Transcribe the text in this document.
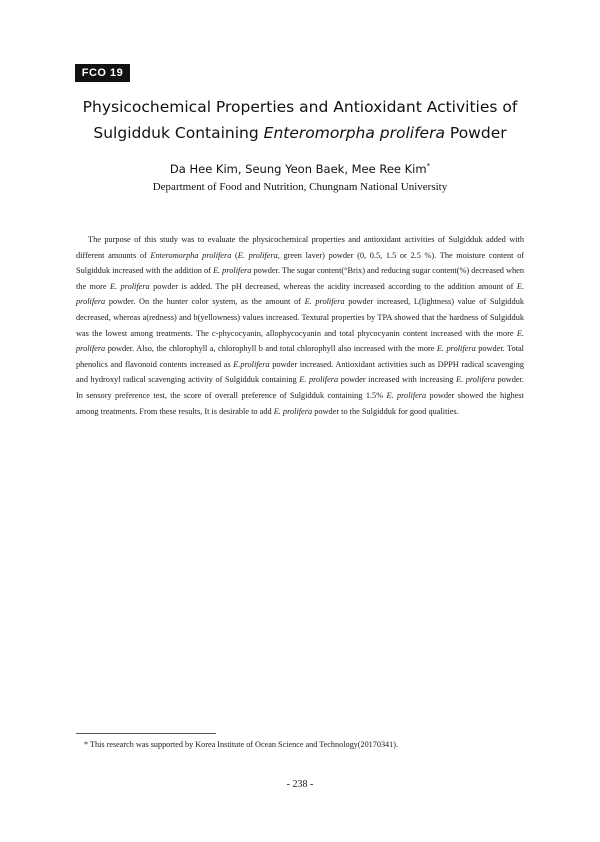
FCO 19
Physicochemical Properties and Antioxidant Activities of
Sulgidduk Containing Enteromorpha prolifera Powder
Da Hee Kim, Seung Yeon Baek, Mee Ree Kim*
Department of Food and Nutrition, Chungnam National University

The purpose of this study was to evaluate the physicochemical properties and antioxidant activities of Sulgidduk added with different amounts of Enteromorpha prolifera (E. prolifera, green laver) powder (0, 0.5, 1.5 or 2.5 %). The moisture content of Sulgidduk increased with the addition of E. prolifera powder. The sugar content(°Brix) and reducing sugar content(%) decreased when the more E. prolifera powder is added. The pH decreased, whereas the acidity increased according to the addition amount of E. prolifera powder. On the hunter color system, as the amount of E. prolifera powder increased, L(lightness) value of Sulgidduk decreased, whereas a(redness) and b(yellowness) values increased. Textural properties by TPA showed that the hardness of Sulgidduk was the lowest among treatments. The c-phycocyanin, allophycocyanin and total phycocyanin content increased with the more E. prolifera powder. Also, the chlorophyll a, chlorophyll b and total chlorophyll also increased with the more E. prolifera powder. Total phenolics and flavonoid contents increased as E.prolifera powder increased. Antioxidant activities such as DPPH radical scavenging and hydroxyl radical scavenging activity of Sulgidduk containing E. prolifera powder increased with increasing E. prolifera powder. In sensory preference test, the score of overall preference of Sulgidduk containing 1.5% E. prolifera powder showed the highest among treatments. From these results, It is desirable to add E. prolifera powder to the Sulgidduk for good qualities.

* This research was supported by Korea Institute of Ocean Science and Technology(20170341).
- 238 -
